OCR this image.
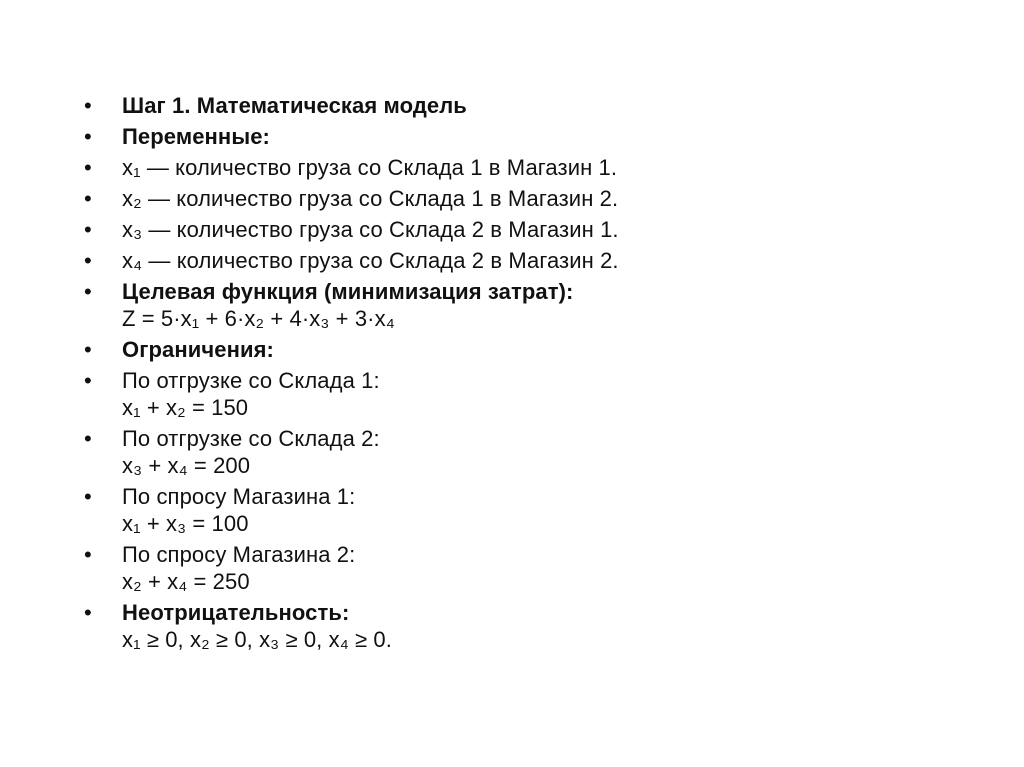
•	Шаг 1. Математическая модель
•	Переменные:
•	x₁ — количество груза со Склада 1 в Магазин 1.
•	x₂ — количество груза со Склада 1 в Магазин 2.
•	x₃ — количество груза со Склада 2 в Магазин 1.
•	x₄ — количество груза со Склада 2 в Магазин 2.
•	Целевая функция (минимизация затрат):
Z = 5·x₁ + 6·x₂ + 4·x₃ + 3·x₄
•	Ограничения:
•	По отгрузке со Склада 1:
x₁ + x₂ = 150
•	По отгрузке со Склада 2:
x₃ + x₄ = 200
•	По спросу Магазина 1:
x₁ + x₃ = 100
•	По спросу Магазина 2:
x₂ + x₄ = 250
•	Неотрицательность:
x₁ ≥ 0, x₂ ≥ 0, x₃ ≥ 0, x₄ ≥ 0.
